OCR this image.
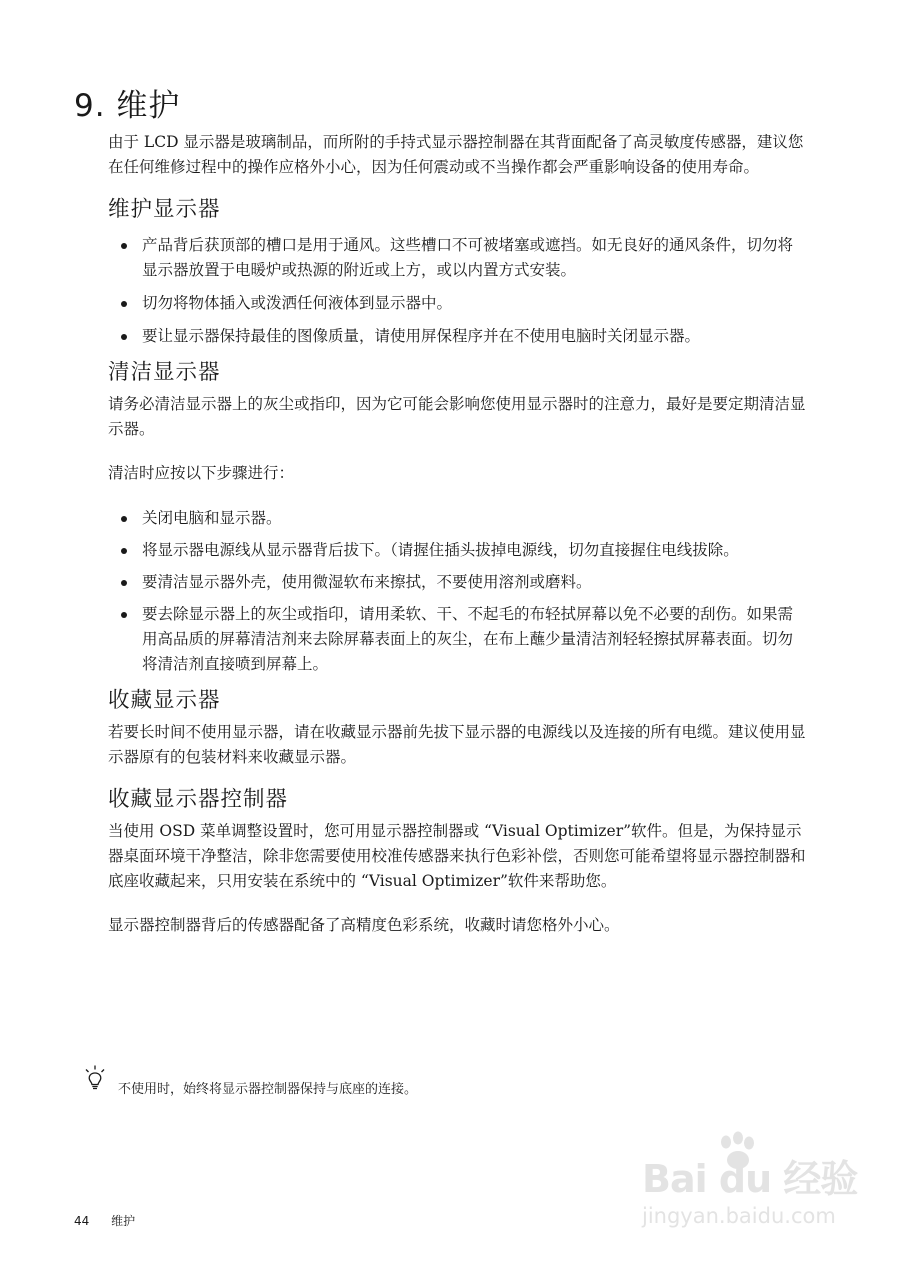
9. 维护

由于 LCD 显示器是玻璃制品，而所附的手持式显示器控制器在其背面配备了高灵敏度传感器，建议您在任何维修过程中的操作应格外小心，因为任何震动或不当操作都会严重影响设备的使用寿命。

维护显示器
产品背后获顶部的槽口是用于通风。这些槽口不可被堵塞或遮挡。如无良好的通风条件，切勿将显示器放置于电暖炉或热源的附近或上方，或以内置方式安装。
切勿将物体插入或泼洒任何液体到显示器中。
要让显示器保持最佳的图像质量，请使用屏保程序并在不使用电脑时关闭显示器。
清洁显示器

请务必清洁显示器上的灰尘或指印，因为它可能会影响您使用显示器时的注意力，最好是要定期清洁显示器。

清洁时应按以下步骤进行：

关闭电脑和显示器。
将显示器电源线从显示器背后拔下。（请握住插头拔掉电源线，切勿直接握住电线拔除。
要清洁显示器外壳，使用微湿软布来擦拭，不要使用溶剂或磨料。
要去除显示器上的灰尘或指印，请用柔软、干、不起毛的布轻拭屏幕以免不必要的刮伤。如果需用高品质的屏幕清洁剂来去除屏幕表面上的灰尘，在布上蘸少量清洁剂轻轻擦拭屏幕表面。切勿将清洁剂直接喷到屏幕上。
收藏显示器

若要长时间不使用显示器，请在收藏显示器前先拔下显示器的电源线以及连接的所有电缆。建议使用显示器原有的包装材料来收藏显示器。

收藏显示器控制器

当使用 OSD 菜单调整设置时，您可用显示器控制器或 “Visual Optimizer”软件。但是，为保持显示器桌面环境干净整洁，除非您需要使用校准传感器来执行色彩补偿，否则您可能希望将显示器控制器和底座收藏起来，只用安装在系统中的 “Visual Optimizer”软件来帮助您。

显示器控制器背后的传感器配备了高精度色彩系统，收藏时请您格外小心。

不使用时，始终将显示器控制器保持与底座的连接。
44 维护
Bai du 经验
jingyan.baidu.com
